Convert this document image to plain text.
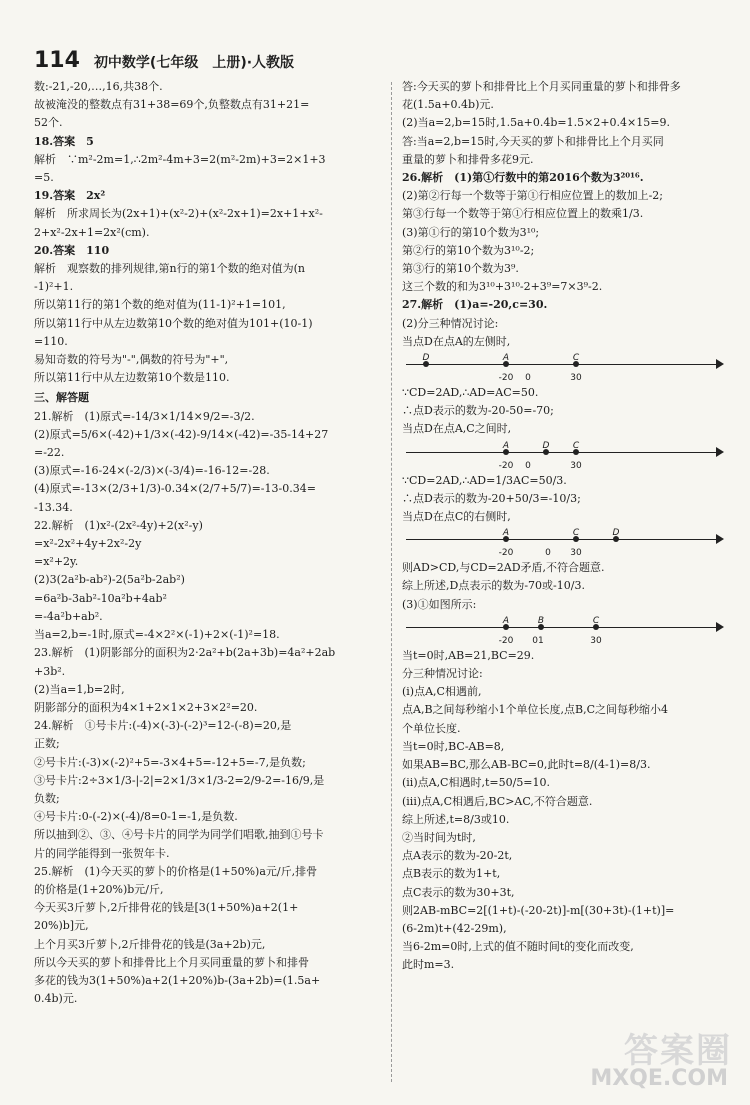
114 初中数学(七年级　上册)·人教版
数:-21,-20,…,16,共38个.
故被淹没的整数点有31+38=69个,负整数点有31+21=
52个.
18.答案　5
解析　∵m²-2m=1,∴2m²-4m+3=2(m²-2m)+3=2×1+3
=5.
19.答案　2x²
解析　所求周长为(2x+1)+(x²-2)+(x²-2x+1)=2x+1+x²-
2+x²-2x+1=2x²(cm).
20.答案　110
解析　观察数的排列规律,第n行的第1个数的绝对值为(n
-1)²+1.
所以第11行的第1个数的绝对值为(11-1)²+1=101,
所以第11行中从左边数第10个数的绝对值为101+(10-1)
=110.
易知奇数的符号为"-",偶数的符号为"+",
所以第11行中从左边数第10个数是110.
三、解答题
21.解析　(1)原式=-14/3×1/14×9/2=-3/2.
(2)原式=5/6×(-42)+1/3×(-42)-9/14×(-42)=-35-14+27
=-22.
(3)原式=-16-24×(-2/3)×(-3/4)=-16-12=-28.
(4)原式=-13×(2/3+1/3)-0.34×(2/7+5/7)=-13-0.34=
-13.34.
22.解析　(1)x²-(2x²-4y)+2(x²-y)
=x²-2x²+4y+2x²-2y
=x²+2y.
(2)3(2a²b-ab²)-2(5a²b-2ab²)
=6a²b-3ab²-10a²b+4ab²
=-4a²b+ab².
当a=2,b=-1时,原式=-4×2²×(-1)+2×(-1)²=18.
23.解析　(1)阴影部分的面积为2·2a²+b(2a+3b)=4a²+2ab
+3b².
(2)当a=1,b=2时,
阴影部分的面积为4×1+2×1×2+3×2²=20.
24.解析　①号卡片:(-4)×(-3)-(-2)³=12-(-8)=20,是
正数;
②号卡片:(-3)×(-2)²+5=-3×4+5=-12+5=-7,是负数;
③号卡片:2÷3×1/3-|-2|=2×1/3×1/3-2=2/9-2=-16/9,是
负数;
④号卡片:0-(-2)×(-4)/8=0-1=-1,是负数.
所以抽到②、③、④号卡片的同学为同学们唱歌,抽到①号卡
片的同学能得到一张贺年卡.
25.解析　(1)今天买的萝卜的价格是(1+50%)a元/斤,排骨
的价格是(1+20%)b元/斤,
今天买3斤萝卜,2斤排骨花的钱是[3(1+50%)a+2(1+
20%)b]元,
上个月买3斤萝卜,2斤排骨花的钱是(3a+2b)元,
所以今天买的萝卜和排骨比上个月买同重量的萝卜和排骨
多花的钱为3(1+50%)a+2(1+20%)b-(3a+2b)=(1.5a+
0.4b)元.
答:今天买的萝卜和排骨比上个月买同重量的萝卜和排骨多
花(1.5a+0.4b)元.
(2)当a=2,b=15时,1.5a+0.4b=1.5×2+0.4×15=9.
答:当a=2,b=15时,今天买的萝卜和排骨比上个月买同
重量的萝卜和排骨多花9元.
26.解析　(1)第①行数中的第2016个数为3²⁰¹⁶.
(2)第②行每一个数等于第①行相应位置上的数加上-2;
第③行每一个数等于第①行相应位置上的数乘1/3.
(3)第①行的第10个数为3¹⁰;
第②行的第10个数为3¹⁰-2;
第③行的第10个数为3⁹.
这三个数的和为3¹⁰+3¹⁰-2+3⁹=7×3⁹-2.
27.解析　(1)a=-20,c=30.
(2)分三种情况讨论:
当点D在点A的左侧时,
D	A	C
-20 0	30
∵CD=2AD,∴AD=AC=50.
∴点D表示的数为-20-50=-70;
当点D在点A,C之间时,
A	D	C
-20 0	30
∵CD=2AD,∴AD=1/3AC=50/3.
∴点D表示的数为-20+50/3=-10/3;
当点D在点C的右侧时,
A	C	D
-20	0 30
则AD>CD,与CD=2AD矛盾,不符合题意.
综上所述,D点表示的数为-70或-10/3.
(3)①如图所示:
A	B	C
-20 01	30
当t=0时,AB=21,BC=29.
分三种情况讨论:
(i)点A,C相遇前,
点A,B之间每秒缩小1个单位长度,点B,C之间每秒缩小4
个单位长度.
当t=0时,BC-AB=8,
如果AB=BC,那么AB-BC=0,此时t=8/(4-1)=8/3.
(ii)点A,C相遇时,t=50/5=10.
(iii)点A,C相遇后,BC>AC,不符合题意.
综上所述,t=8/3或10.
②当时间为t时,
点A表示的数为-20-2t,
点B表示的数为1+t,
点C表示的数为30+3t,
则2AB-mBC=2[(1+t)-(-20-2t)]-m[(30+3t)-(1+t)]=
(6-2m)t+(42-29m),
当6-2m=0时,上式的值不随时间t的变化而改变,
此时m=3.
答案圈
MXQE.COM
